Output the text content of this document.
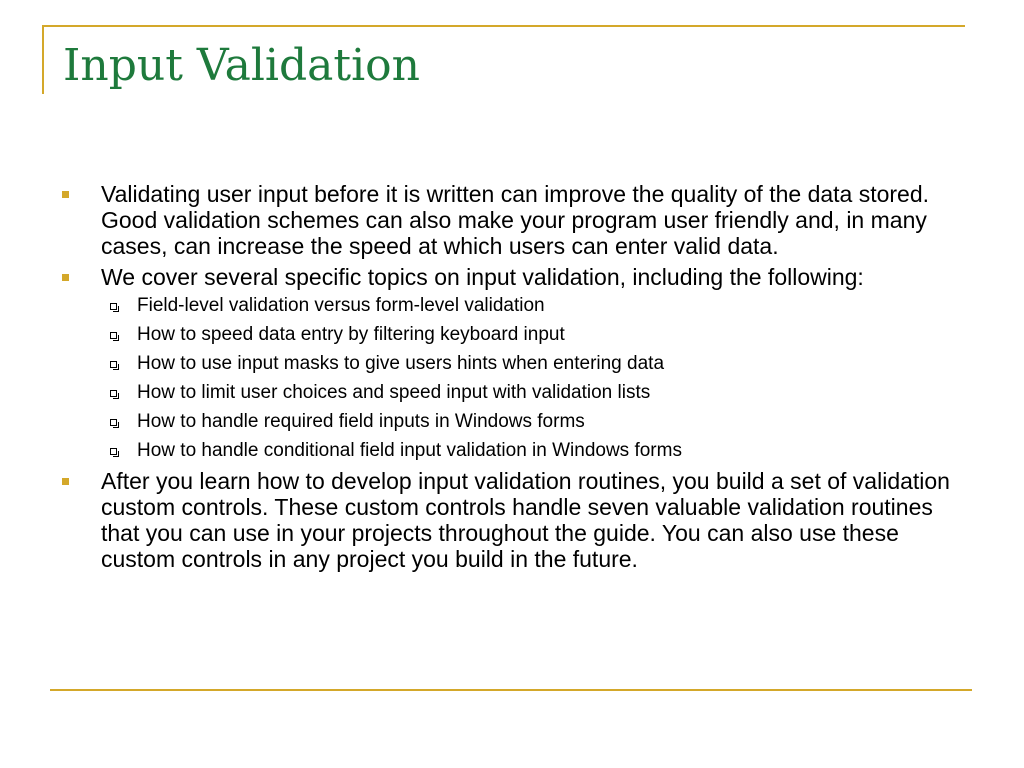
Input Validation
Validating user input before it is written can improve the quality of the data stored. Good validation schemes can also make your program user friendly and, in many cases, can increase the speed at which users can enter valid data.
We cover several specific topics on input validation, including the following:
Field-level validation versus form-level validation
How to speed data entry by filtering keyboard input
How to use input masks to give users hints when entering data
How to limit user choices and speed input with validation lists
How to handle required field inputs in Windows forms
How to handle conditional field input validation in Windows forms
After you learn how to develop input validation routines, you build a set of validation custom controls. These custom controls handle seven valuable validation routines that you can use in your projects throughout the guide. You can also use these custom controls in any project you build in the future.
